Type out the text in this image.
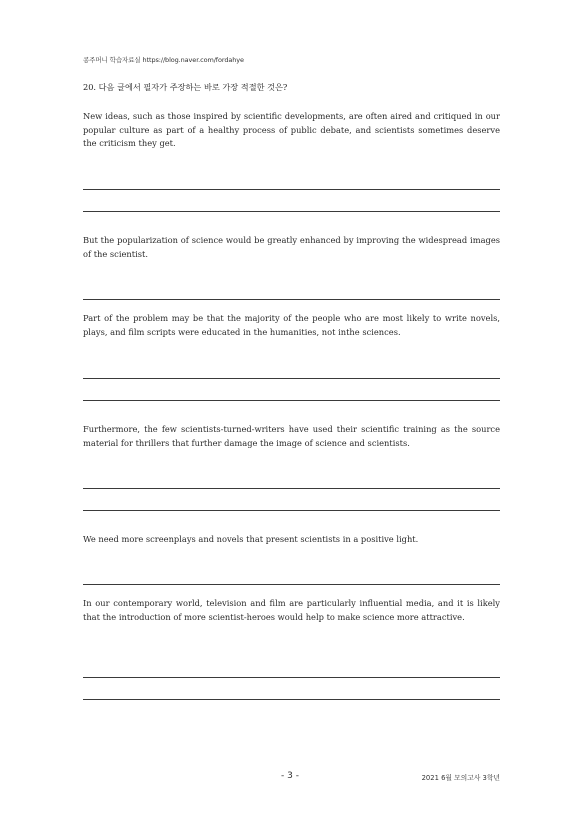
콩주머니 학습자료실 https://blog.naver.com/fordahye
20. 다음 글에서 필자가 주장하는 바로 가장 적절한 것은?
New ideas, such as those inspired by scientific developments, are often aired and critiqued in our popular culture as part of a healthy process of public debate, and scientists sometimes deserve the criticism they get.
But the popularization of science would be greatly enhanced by improving the widespread images of the scientist.
Part of the problem may be that the majority of the people who are most likely to write novels, plays, and film scripts were educated in the humanities, not inthe sciences.
Furthermore, the few scientists-turned-writers have used their scientific training as the source material for thrillers that further damage the image of science and scientists.
We need more screenplays and novels that present scientists in a positive light.
In our contemporary world, television and film are particularly influential media, and it is likely that the introduction of more scientist-heroes would help to make science more attractive.
- 3 -	2021 6월 모의고사 3학년
